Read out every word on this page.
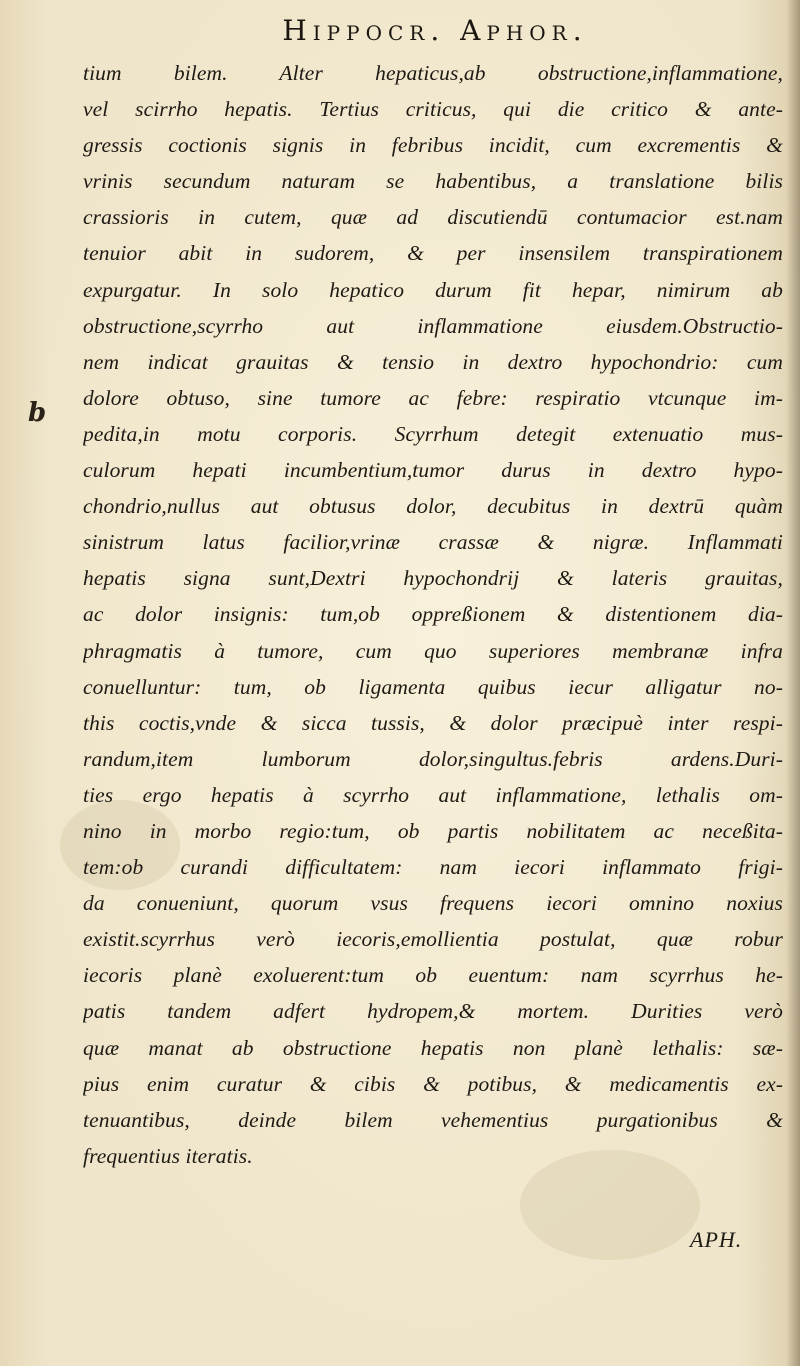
Hippocr. Aphor.
b
tium bilem. Alter hepaticus,ab obstructione,inflammatione,
vel scirrho hepatis. Tertius criticus, qui die critico & ante-
gressis coctionis signis in febribus incidit, cum excrementis &
vrinis secundum naturam se habentibus, a translatione bilis
crassioris in cutem, quæ ad discutiendū contumacior est.nam
tenuior abit in sudorem, & per insensilem transpirationem
expurgatur. In solo hepatico durum fit hepar, nimirum ab
obstructione,scyrrho aut inflammatione eiusdem.Obstructio-
nem indicat grauitas & tensio in dextro hypochondrio: cum
dolore obtuso, sine tumore ac febre: respiratio vtcunque im-
pedita,in motu corporis. Scyrrhum detegit extenuatio mus-
culorum hepati incumbentium,tumor durus in dextro hypo-
chondrio,nullus aut obtusus dolor, decubitus in dextrū quàm
sinistrum latus facilior,vrinæ crassæ & nigræ. Inflammati
hepatis signa sunt,Dextri hypochondrij & lateris grauitas,
ac dolor insignis: tum,ob oppreßionem & distentionem dia-
phragmatis à tumore, cum quo superiores membranæ infra
conuelluntur: tum, ob ligamenta quibus iecur alligatur no-
this coctis,vnde & sicca tussis, & dolor præcipuè inter respi-
randum,item lumborum dolor,singultus.febris ardens.Duri-
ties ergo hepatis à scyrrho aut inflammatione, lethalis om-
nino in morbo regio:tum, ob partis nobilitatem ac neceßita-
tem:ob curandi difficultatem: nam iecori inflammato frigi-
da conueniunt, quorum vsus frequens iecori omnino noxius
existit.scyrrhus verò iecoris,emollientia postulat, quæ robur
iecoris planè exoluerent:tum ob euentum: nam scyrrhus he-
patis tandem adfert hydropem,& mortem. Durities verò
quæ manat ab obstructione hepatis non planè lethalis: sæ-
pius enim curatur & cibis & potibus, & medicamentis ex-
tenuantibus, deinde bilem vehementius purgationibus &
frequentius iteratis.
APH.
